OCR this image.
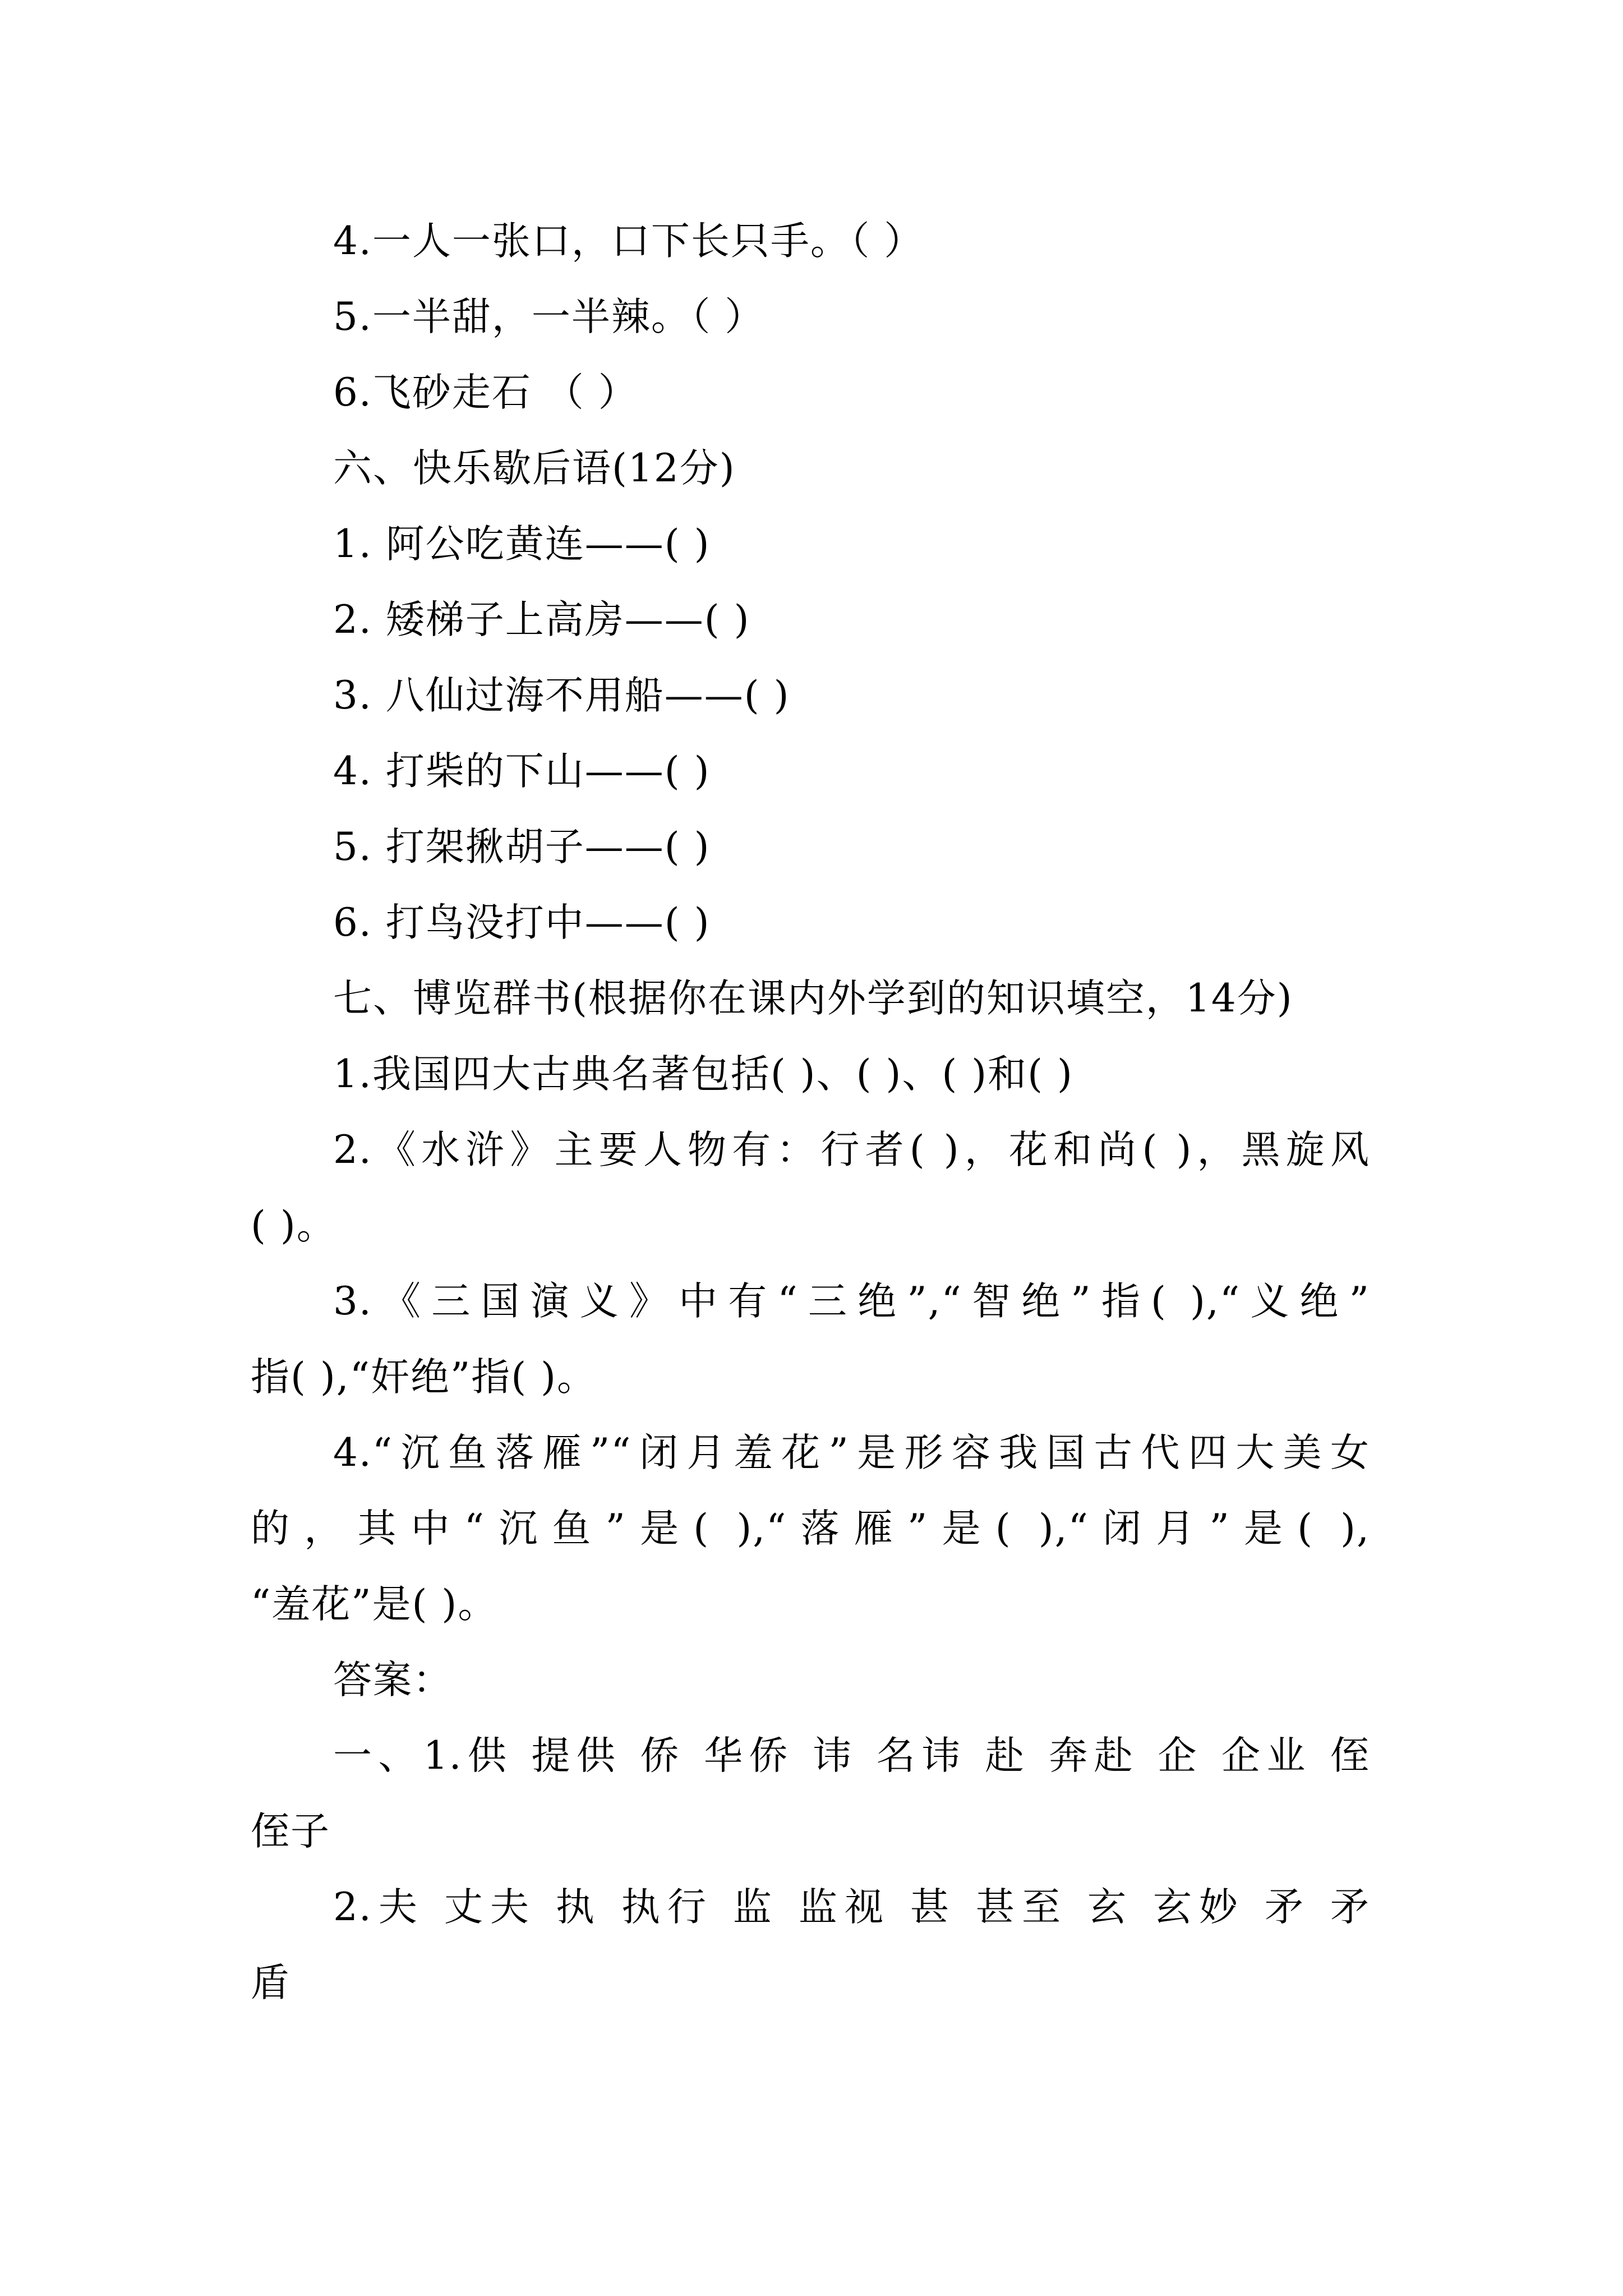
4.一人一张口，口下长只手。（ ）
5.一半甜，一半辣。（ ）
6.飞砂走石 （ ）
六、快乐歇后语(12分)
1. 阿公吃黄连——( )
2. 矮梯子上高房——( )
3. 八仙过海不用船——( )
4. 打柴的下山——( )
5. 打架揪胡子——( )
6. 打鸟没打中——( )
七、博览群书(根据你在课内外学到的知识填空，14分)
1.我国四大古典名著包括( )、( )、( )和( )
2.《水浒》主要人物有：行者( )，花和尚( )，黑旋风
( )。
3.《三国演义》中有“三绝”,“智绝”指( ),“义绝”
指( ),“奸绝”指( )。
4.“沉鱼落雁”“闭月羞花”是形容我国古代四大美女
的，其中“沉鱼”是( ),“落雁”是( ),“闭月”是( ),
“羞花”是( )。
答案：
一、1.供 提供 侨 华侨 讳 名讳 赴 奔赴 企 企业 侄
侄子
2.夫 丈夫 执 执行 监 监视 甚 甚至 玄 玄妙 矛 矛
盾
